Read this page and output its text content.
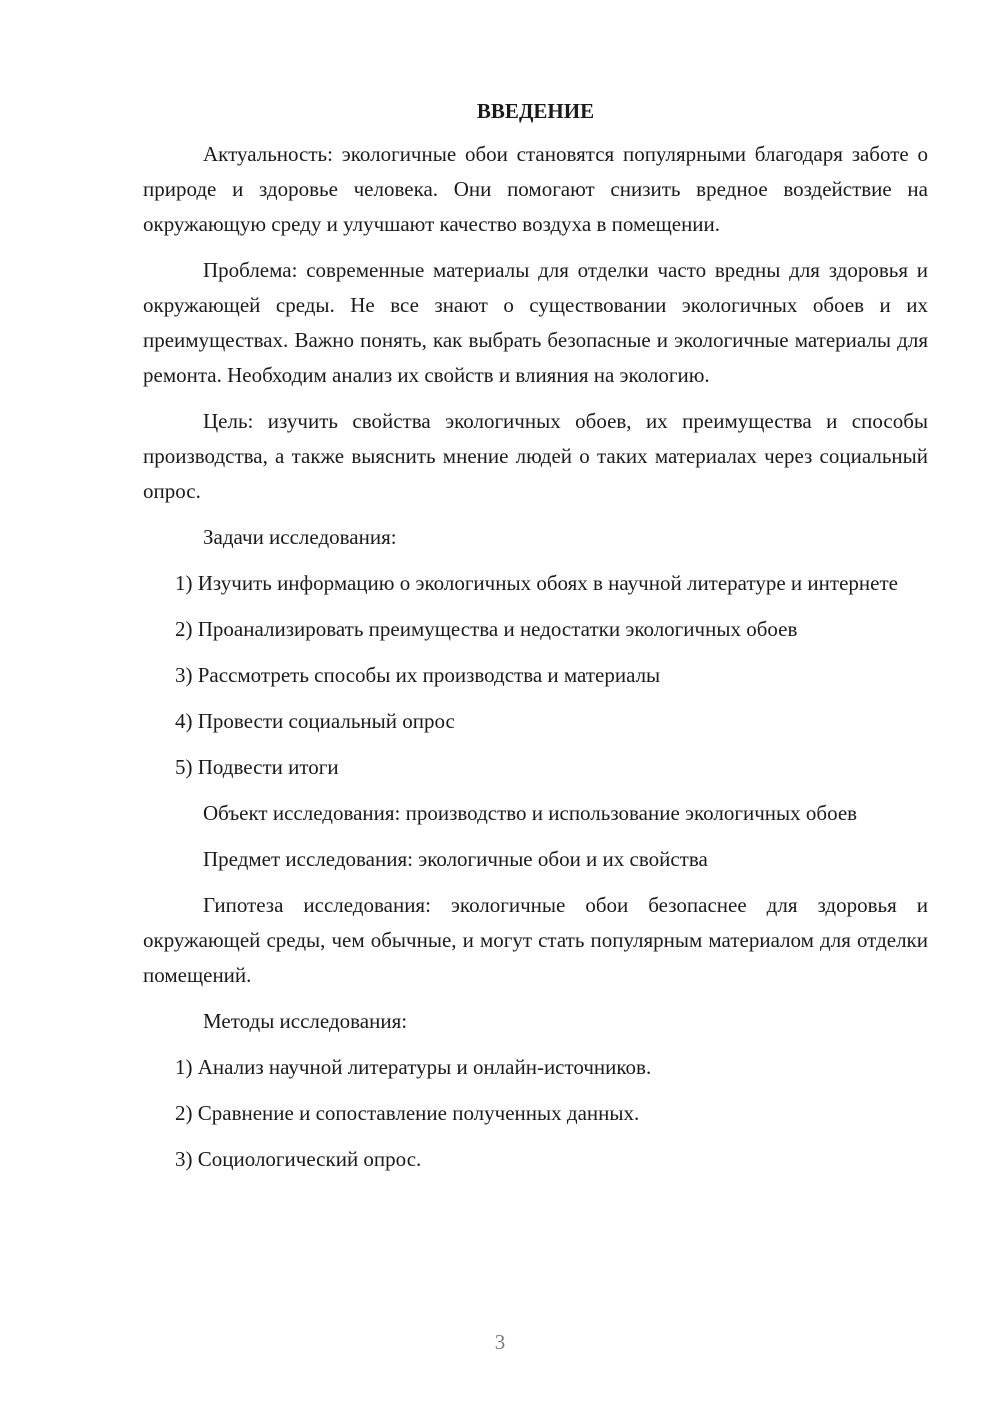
ВВЕДЕНИЕ
Актуальность: экологичные обои становятся популярными благодаря заботе о природе и здоровье человека. Они помогают снизить вредное воздействие на окружающую среду и улучшают качество воздуха в помещении.
Проблема: современные материалы для отделки часто вредны для здоровья и окружающей среды. Не все знают о существовании экологичных обоев и их преимуществах. Важно понять, как выбрать безопасные и экологичные материалы для ремонта. Необходим анализ их свойств и влияния на экологию.
Цель: изучить свойства экологичных обоев, их преимущества и способы производства, а также выяснить мнение людей о таких материалах через социальный опрос.
Задачи исследования:
1) Изучить информацию о экологичных обоях в научной литературе и интернете
2) Проанализировать преимущества и недостатки экологичных обоев
3) Рассмотреть способы их производства и материалы
4) Провести социальный опрос
5) Подвести итоги
Объект исследования: производство и использование экологичных обоев
Предмет исследования: экологичные обои и их свойства
Гипотеза исследования: экологичные обои безопаснее для здоровья и окружающей среды, чем обычные, и могут стать популярным материалом для отделки помещений.
Методы исследования:
1) Анализ научной литературы и онлайн-источников.
2) Сравнение и сопоставление полученных данных.
3) Социологический опрос.
3
